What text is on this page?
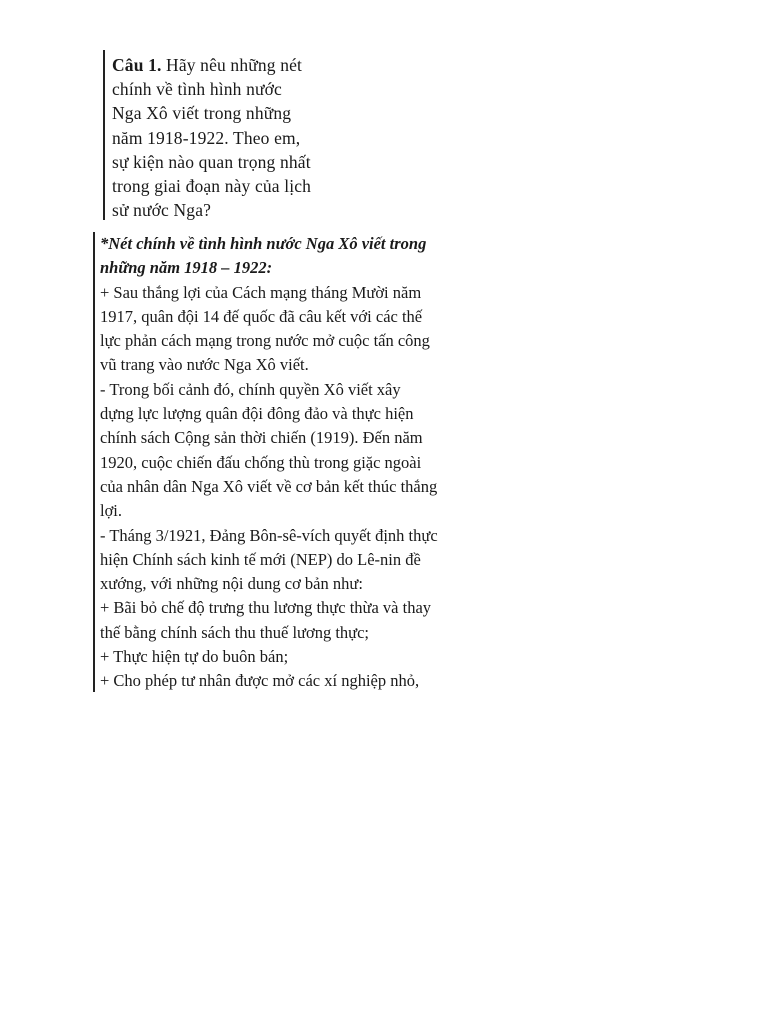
Câu 1. Hãy nêu những nét
chính về tình hình nước
Nga Xô viết trong những
năm 1918-1922. Theo em,
sự kiện nào quan trọng nhất
trong giai đoạn này của lịch
sử nước Nga?

*Nét chính về tình hình nước Nga Xô viết trong
những năm 1918 – 1922:

+ Sau thắng lợi của Cách mạng tháng Mười năm
1917, quân đội 14 đế quốc đã câu kết với các thế
lực phản cách mạng trong nước mở cuộc tấn công
vũ trang vào nước Nga Xô viết.

- Trong bối cảnh đó, chính quyền Xô viết xây
dựng lực lượng quân đội đông đảo và thực hiện
chính sách Cộng sản thời chiến (1919). Đến năm
1920, cuộc chiến đấu chống thù trong giặc ngoài
của nhân dân Nga Xô viết về cơ bản kết thúc thắng
lợi.

- Tháng 3/1921, Đảng Bôn-sê-vích quyết định thực
hiện Chính sách kinh tế mới (NEP) do Lê-nin đề
xướng, với những nội dung cơ bản như:

+ Bãi bỏ chế độ trưng thu lương thực thừa và thay
thế bằng chính sách thu thuế lương thực;

+ Thực hiện tự do buôn bán;

+ Cho phép tư nhân được mở các xí nghiệp nhỏ,
